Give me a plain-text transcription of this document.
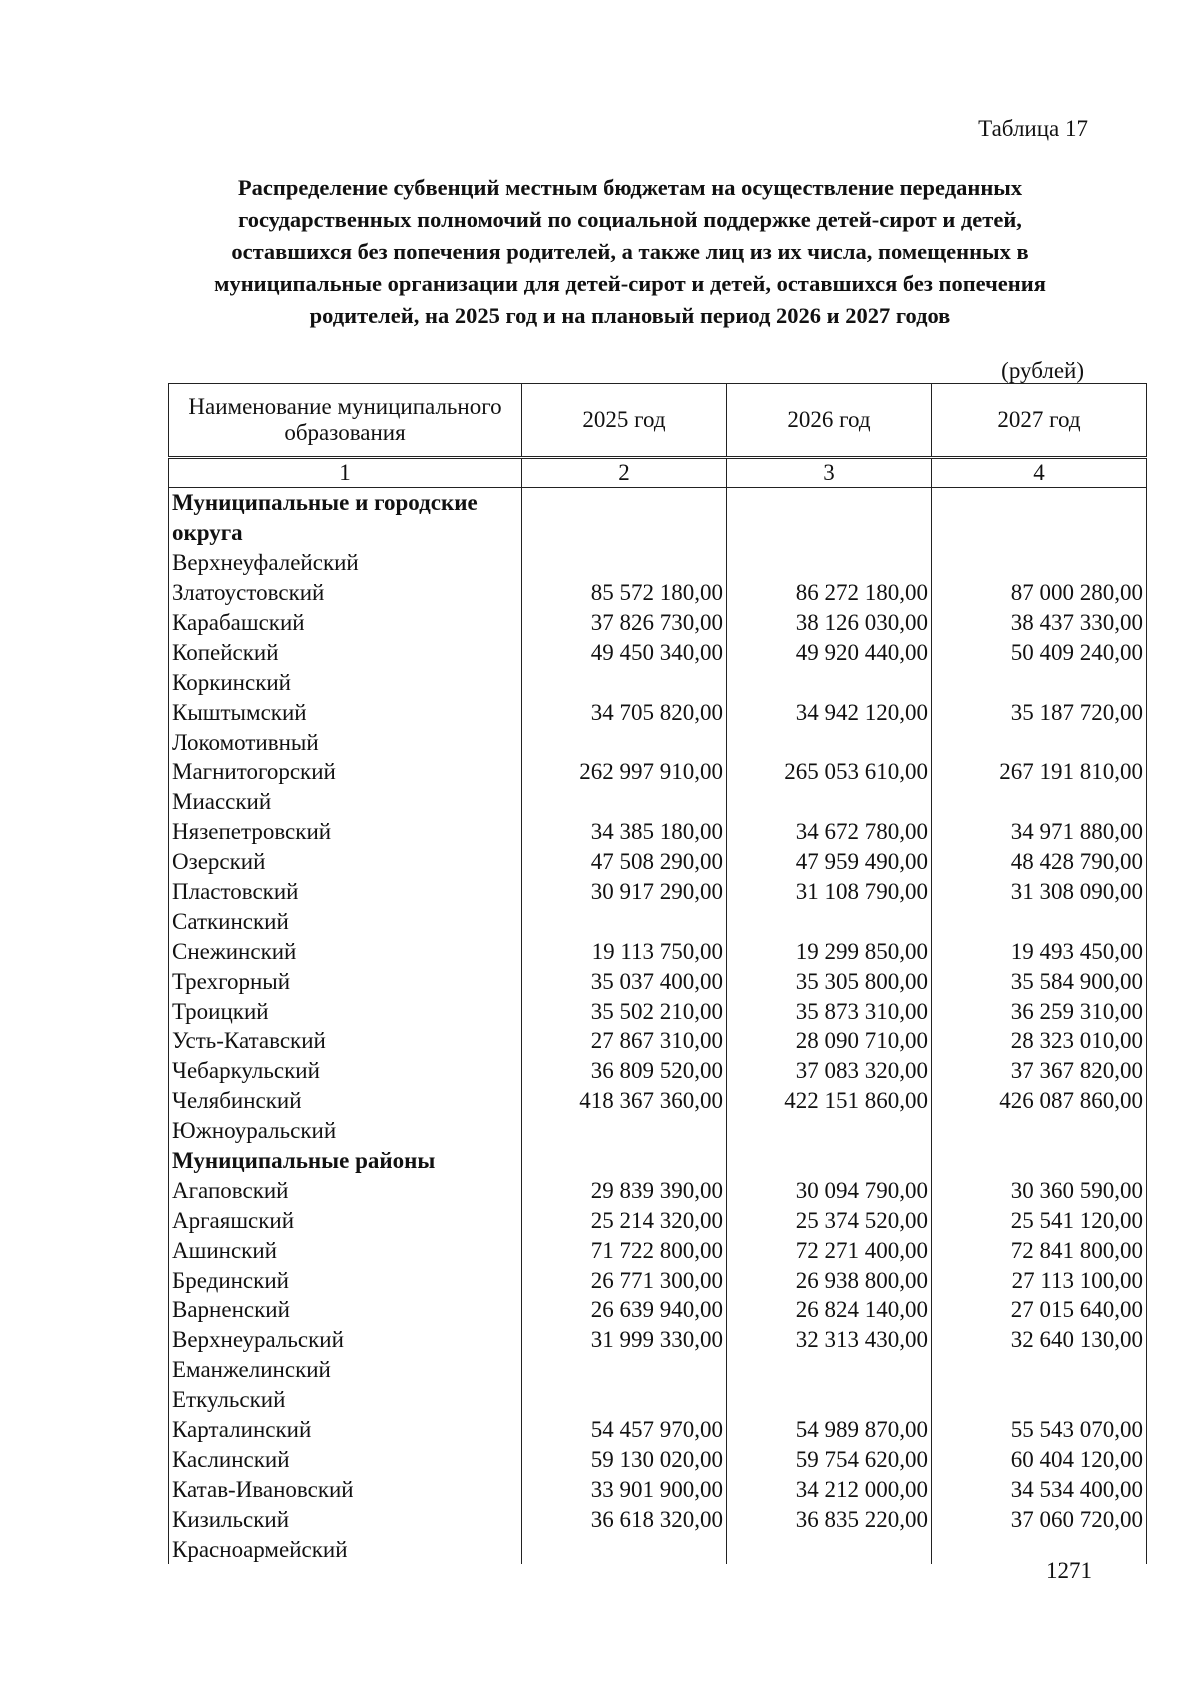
Таблица 17
Распределение субвенций местным бюджетам на осуществление переданных
государственных полномочий по социальной поддержке детей-сирот и детей,
оставшихся без попечения родителей, а также лиц из их числа, помещенных в
муниципальные организации для детей-сирот и детей, оставшихся без попечения
родителей, на 2025 год и на плановый период 2026 и 2027 годов
(рублей)
Наименование муниципального образования	2025 год	2026 год	2027 год
1	2	3	4
Муниципальные и городские			
округа			
Верхнеуфалейский			
Златоустовский	85 572 180,00	86 272 180,00	87 000 280,00
Карабашский	37 826 730,00	38 126 030,00	38 437 330,00
Копейский	49 450 340,00	49 920 440,00	50 409 240,00
Коркинский			
Кыштымский	34 705 820,00	34 942 120,00	35 187 720,00
Локомотивный			
Магнитогорский	262 997 910,00	265 053 610,00	267 191 810,00
Миасский			
Нязепетровский	34 385 180,00	34 672 780,00	34 971 880,00
Озерский	47 508 290,00	47 959 490,00	48 428 790,00
Пластовский	30 917 290,00	31 108 790,00	31 308 090,00
Саткинский			
Снежинский	19 113 750,00	19 299 850,00	19 493 450,00
Трехгорный	35 037 400,00	35 305 800,00	35 584 900,00
Троицкий	35 502 210,00	35 873 310,00	36 259 310,00
Усть-Катавский	27 867 310,00	28 090 710,00	28 323 010,00
Чебаркульский	36 809 520,00	37 083 320,00	37 367 820,00
Челябинский	418 367 360,00	422 151 860,00	426 087 860,00
Южноуральский			
Муниципальные районы			
Агаповский	29 839 390,00	30 094 790,00	30 360 590,00
Аргаяшский	25 214 320,00	25 374 520,00	25 541 120,00
Ашинский	71 722 800,00	72 271 400,00	72 841 800,00
Брединский	26 771 300,00	26 938 800,00	27 113 100,00
Варненский	26 639 940,00	26 824 140,00	27 015 640,00
Верхнеуральский	31 999 330,00	32 313 430,00	32 640 130,00
Еманжелинский			
Еткульский			
Карталинский	54 457 970,00	54 989 870,00	55 543 070,00
Каслинский	59 130 020,00	59 754 620,00	60 404 120,00
Катав-Ивановский	33 901 900,00	34 212 000,00	34 534 400,00
Кизильский	36 618 320,00	36 835 220,00	37 060 720,00
Красноармейский			
1271
